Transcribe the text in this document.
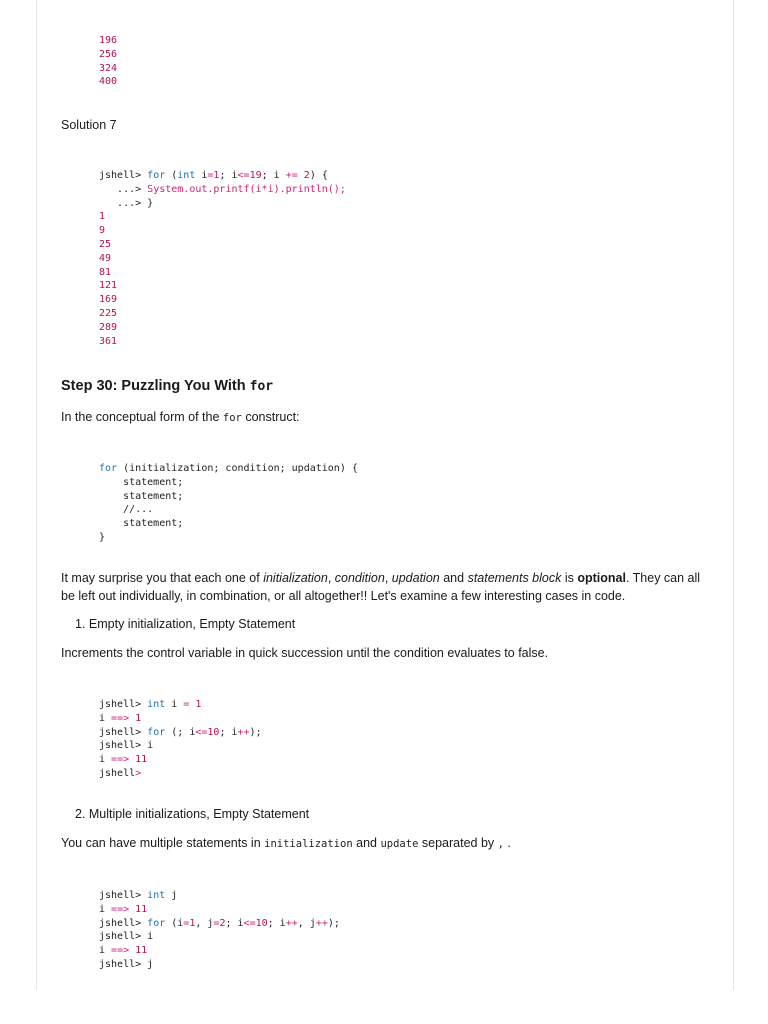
196
256
324
400

Solution 7

jshell> for (int i=1; i<=19; i += 2) {
...> System.out.printf(i*i).println();
...> }
1
9
25
49
81
121
169
225
289
361
Step 30: Puzzling You With for

In the conceptual form of the for construct:

for (initialization; condition; updation) {
statement;
statement;
//...
statement;
}

It may surprise you that each one of initialization, condition, updation and statements block is optional. They can all be left out individually, in combination, or all altogether!! Let's examine a few interesting cases in code.

1. Empty initialization, Empty Statement

Increments the control variable in quick succession until the condition evaluates to false.

jshell> int i = 1
i ==> 1
jshell> for (; i<=10; i++);
jshell> i
i ==> 11
jshell>

2. Multiple initializations, Empty Statement

You can have multiple statements in initialization and update separated by , .

jshell> int j
i ==> 11
jshell> for (i=1, j=2; i<=10; i++, j++);
jshell> i
i ==> 11
jshell> j
